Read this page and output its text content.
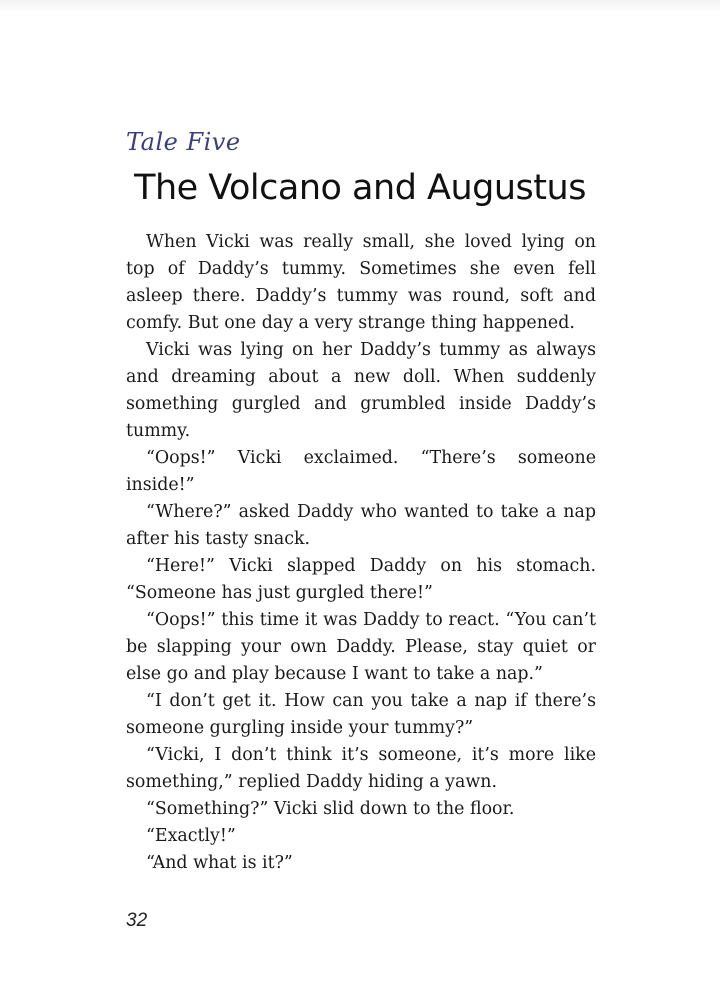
Tale Five
The Volcano and Augustus

When Vicki was really small, she loved lying on top of Daddy’s tummy. Sometimes she even fell asleep there. Daddy’s tummy was round, soft and comfy. But one day a very strange thing happened.

Vicki was lying on her Daddy’s tummy as always and dreaming about a new doll. When suddenly something gurgled and grumbled inside Daddy’s tummy.

“Oops!” Vicki exclaimed. “There’s someone inside!”

“Where?” asked Daddy who wanted to take a nap after his tasty snack.

“Here!” Vicki slapped Daddy on his stomach. “Someone has just gurgled there!”

“Oops!” this time it was Daddy to react. “You can’t be slapping your own Daddy. Please, stay quiet or else go and play because I want to take a nap.”

“I don’t get it. How can you take a nap if there’s someone gurgling inside your tummy?”

“Vicki, I don’t think it’s someone, it’s more like something,” replied Daddy hiding a yawn.

“Something?” Vicki slid down to the floor.

“Exactly!”

“And what is it?”

32
